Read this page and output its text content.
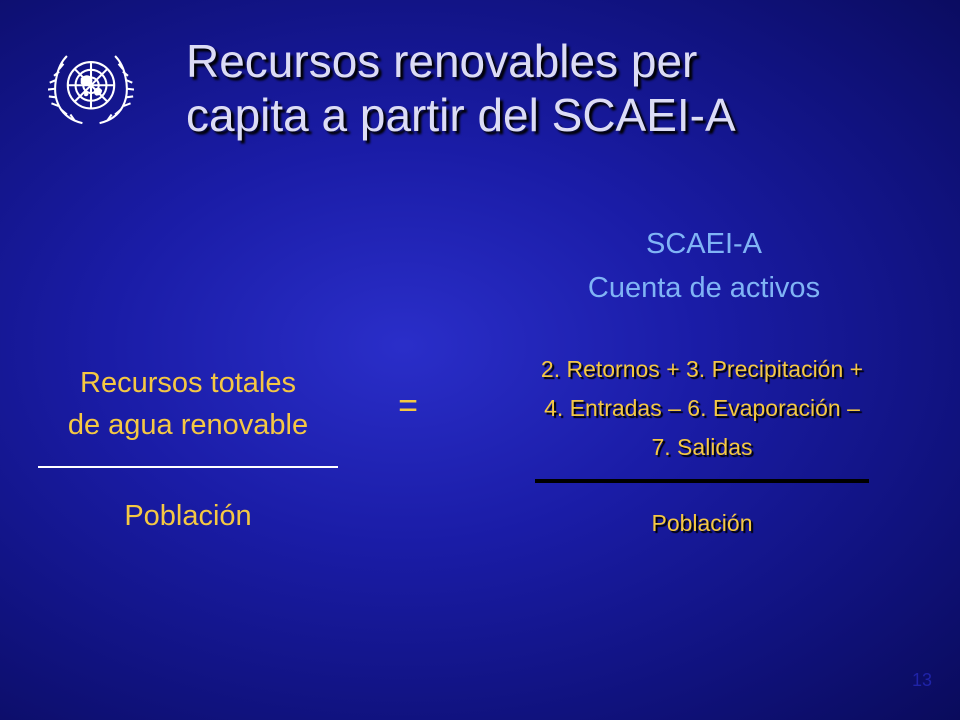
Recursos renovables per
capita a partir del SCAEI-A
SCAEI-A
Cuenta de activos
Recursos totales
de agua renovable
Población
=
2. Retornos + 3. Precipitación +
4. Entradas – 6. Evaporación –
7. Salidas
Población
13
